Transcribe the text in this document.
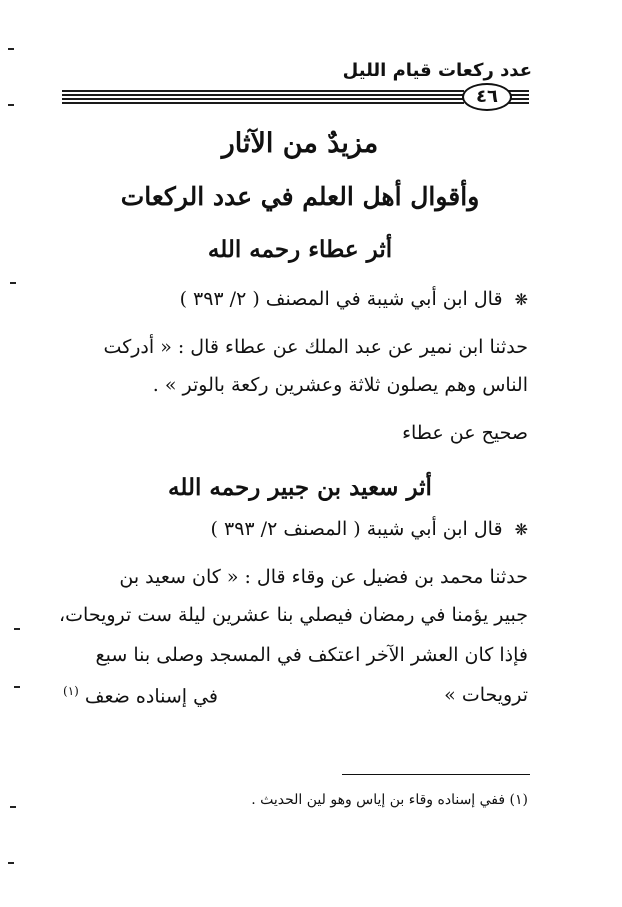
عدد ركعات قيام الليل
٤٦
مزيدٌ من الآثار
وأقوال أهل العلم في عدد الركعات
أثر عطاء رحمه الله
❋ قال ابن أبي شيبة في المصنف ( ٢/ ٣٩٣ )
حدثنا ابن نمير عن عبد الملك عن عطاء قال : « أدركت
الناس وهم يصلون ثلاثة وعشرين ركعة بالوتر » .
صحيح عن عطاء
أثر سعيد بن جبير رحمه الله
❋ قال ابن أبي شيبة ( المصنف ٢/ ٣٩٣ )
حدثنا محمد بن فضيل عن وقاء قال : « كان سعيد بن
جبير يؤمنا في رمضان فيصلي بنا عشرين ليلة ست ترويحات،
فإذا كان العشر الآخر اعتكف في المسجد وصلى بنا سبع
ترويحات »
في إسناده ضعف $^{(١)}$
(١) ففي إسناده وقاء بن إياس وهو لين الحديث .
